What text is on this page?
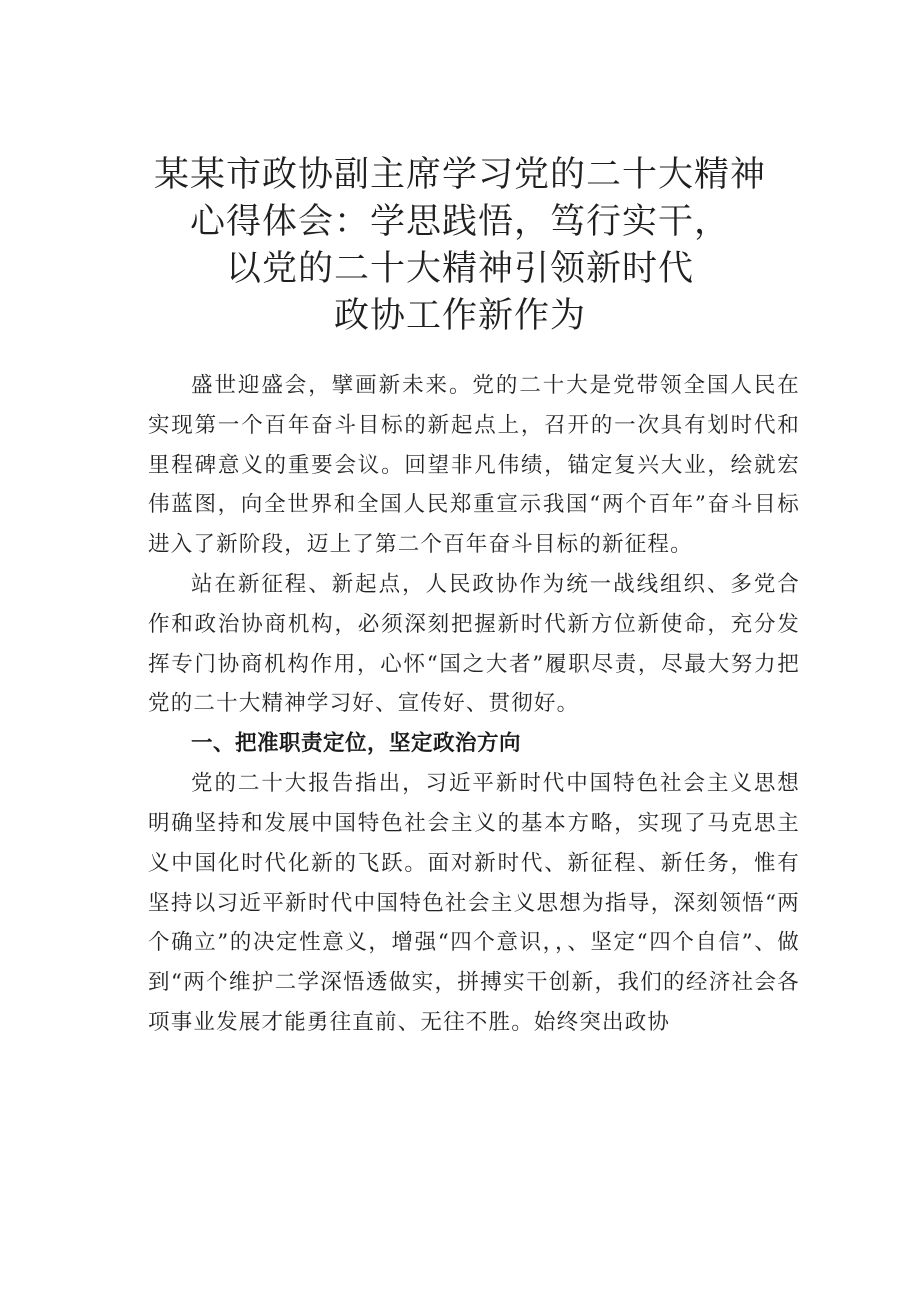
某某市政协副主席学习党的二十大精神
心得体会：学思践悟，笃行实干，
以党的二十大精神引领新时代
政协工作新作为

盛世迎盛会，擘画新未来。党的二十大是党带领全国人民在实现第一个百年奋斗目标的新起点上，召开的一次具有划时代和里程碑意义的重要会议。回望非凡伟绩，锚定复兴大业，绘就宏伟蓝图，向全世界和全国人民郑重宣示我国“两个百年”奋斗目标进入了新阶段，迈上了第二个百年奋斗目标的新征程。

站在新征程、新起点，人民政协作为统一战线组织、多党合作和政治协商机构，必须深刻把握新时代新方位新使命，充分发挥专门协商机构作用，心怀“国之大者”履职尽责，尽最大努力把党的二十大精神学习好、宣传好、贯彻好。

一、把准职责定位，坚定政治方向

党的二十大报告指出，习近平新时代中国特色社会主义思想明确坚持和发展中国特色社会主义的基本方略，实现了马克思主义中国化时代化新的飞跃。面对新时代、新征程、新任务，惟有坚持以习近平新时代中国特色社会主义思想为指导，深刻领悟“两个确立”的决定性意义，增强“四个意识，，、坚定“四个自信”、做到“两个维护二学深悟透做实，拼搏实干创新，我们的经济社会各项事业发展才能勇往直前、无往不胜。始终突出政协
